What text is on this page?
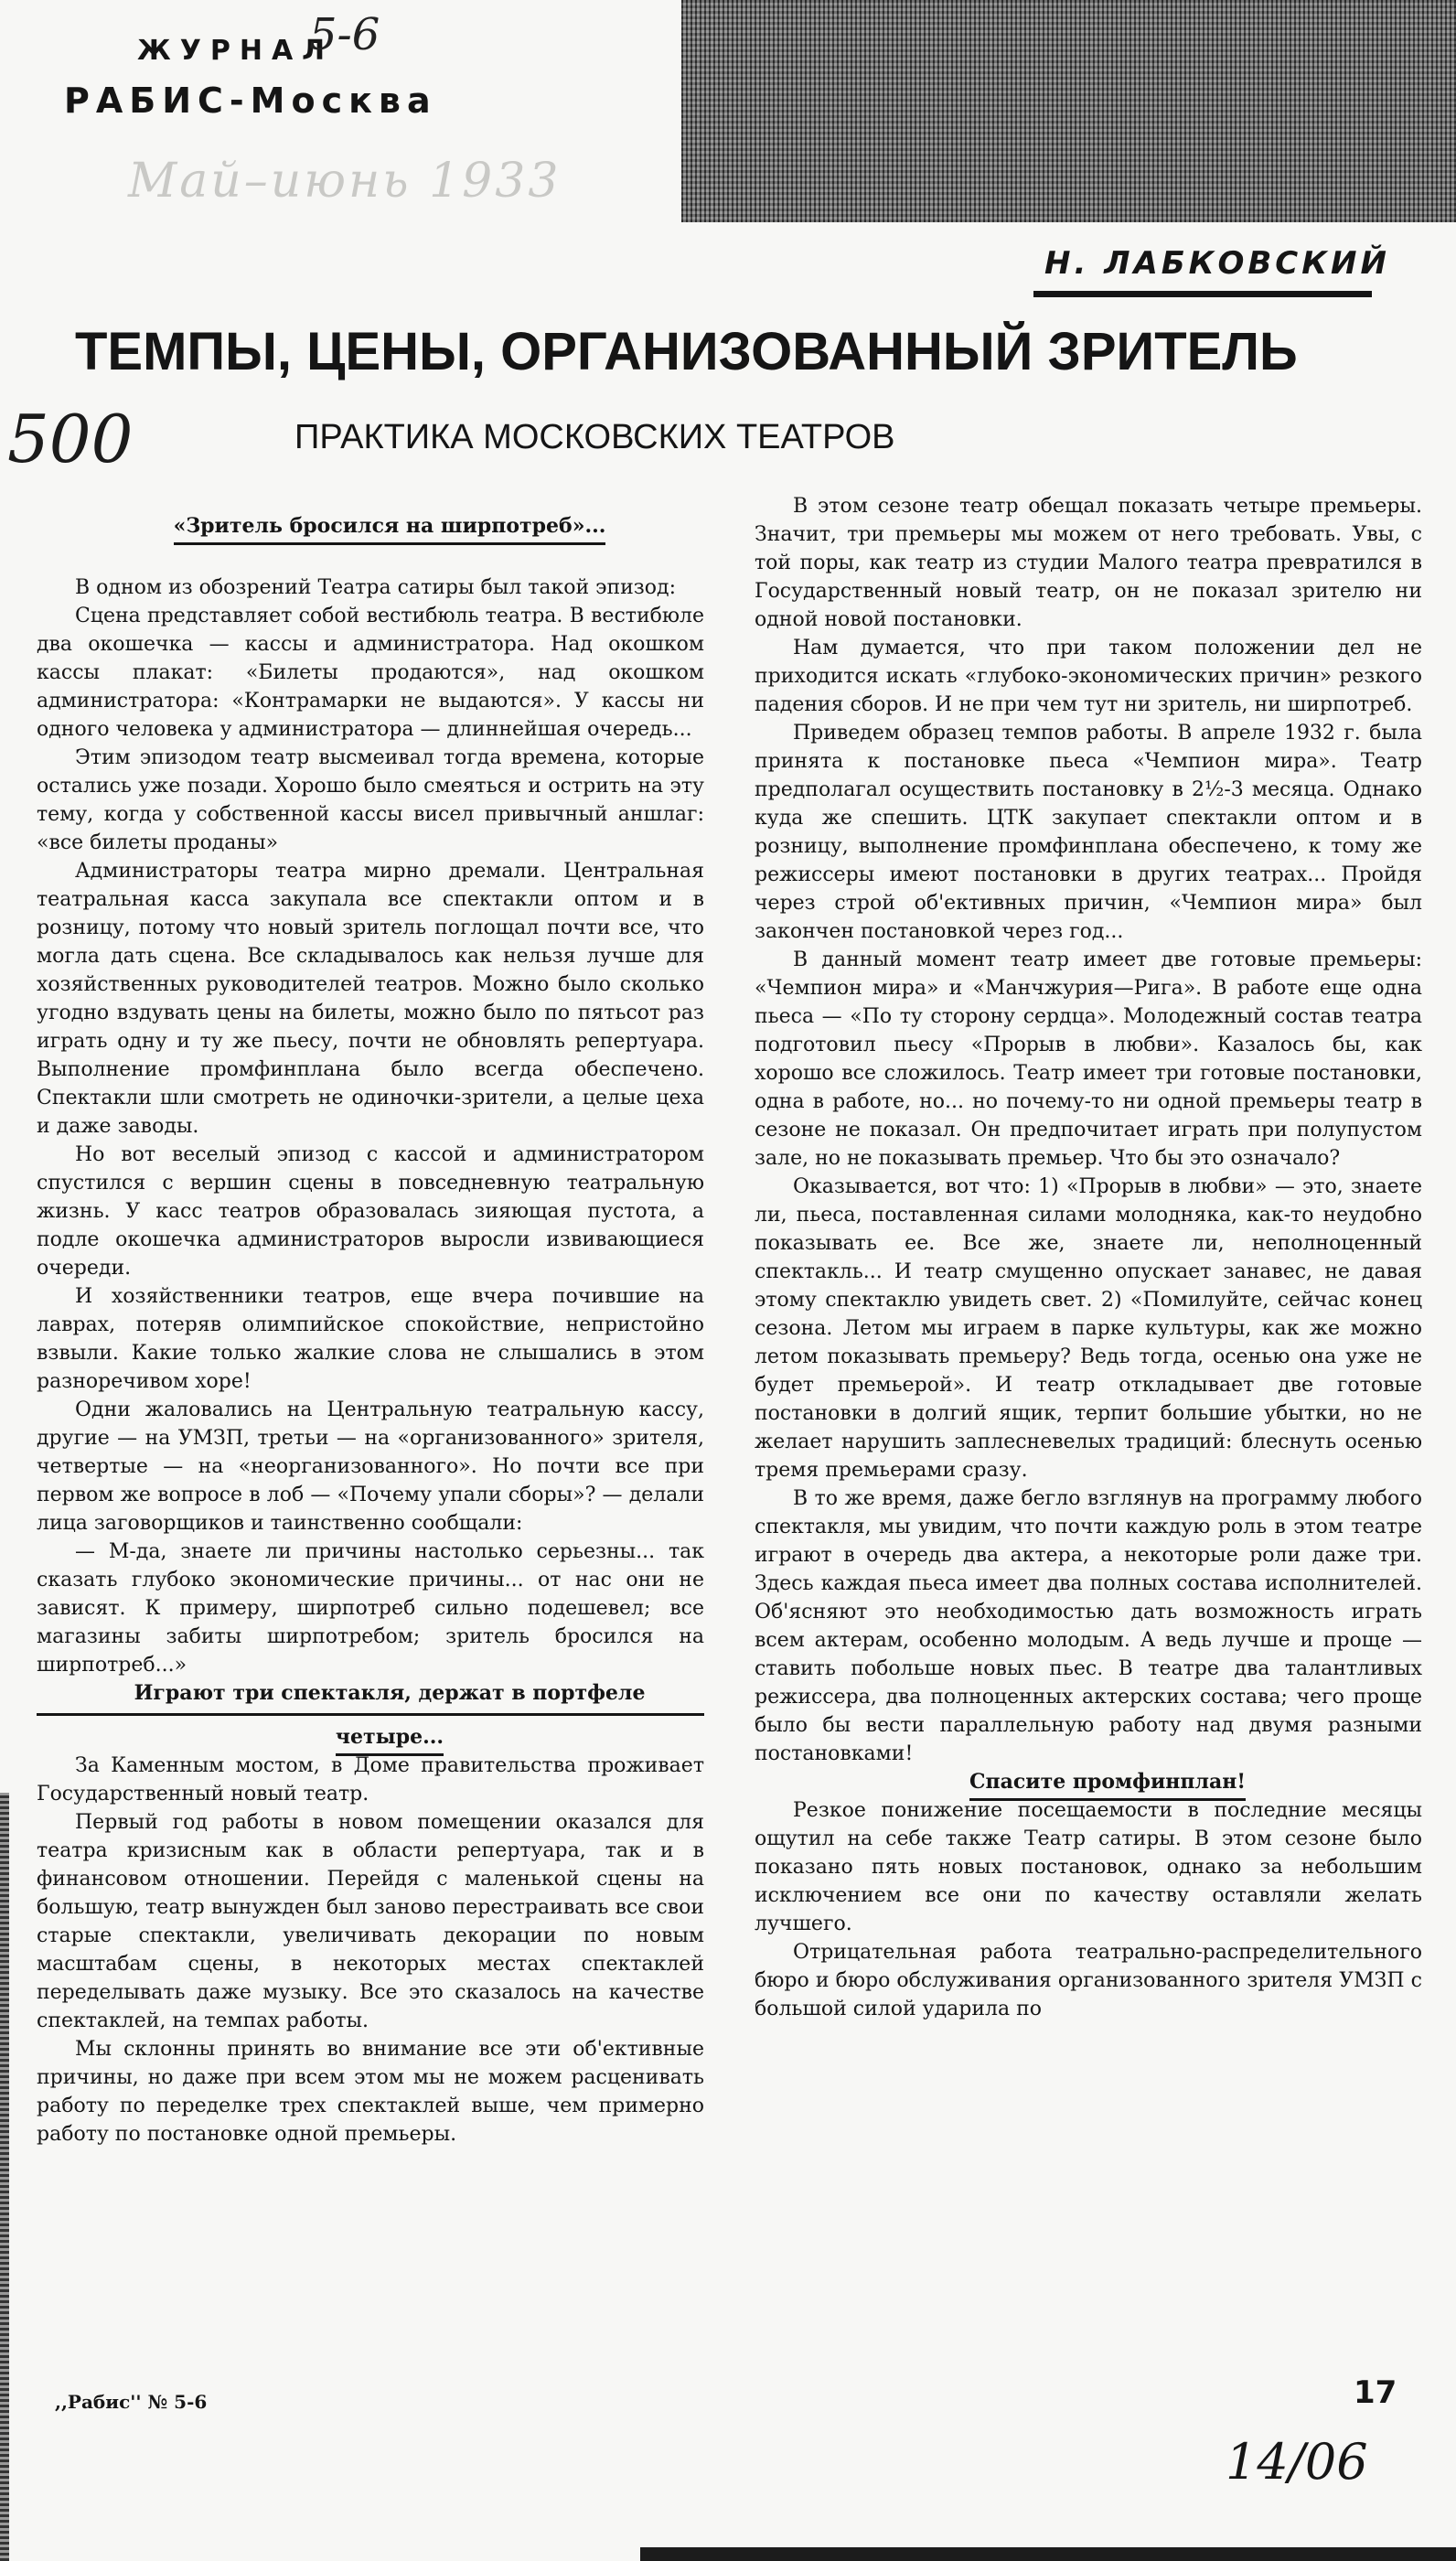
ЖУРНАЛ
5-6
РАБИС-Москва
Май–июнь 1933
Н. ЛАБКОВСКИЙ
ТЕМПЫ, ЦЕНЫ, ОРГАНИЗОВАННЫЙ ЗРИТЕЛЬ
500	ПРАКТИКА МОСКОВСКИХ ТЕАТРОВ

«Зритель бросился на ширпотреб»...

В одном из обозрений Театра сатиры был такой эпизод:

Сцена представляет собой вестибюль театра. В вестибюле два окошечка — кассы и администратора. Над окошком кассы плакат: «Билеты продаются», над окошком администратора: «Контрамарки не выдаются». У кассы ни одного человека у администратора — длиннейшая очередь...

Этим эпизодом театр высмеивал тогда времена, которые остались уже позади. Хорошо было смеяться и острить на эту тему, когда у собственной кассы висел привычный аншлаг: «все билеты проданы»

Администраторы театра мирно дремали. Центральная театральная касса закупала все спектакли оптом и в розницу, потому что новый зритель поглощал почти все, что могла дать сцена. Все складывалось как нельзя лучше для хозяйственных руководителей театров. Можно было сколько угодно вздувать цены на билеты, можно было по пятьсот раз играть одну и ту же пьесу, почти не обновлять репертуара. Выполнение промфинплана было всегда обеспечено. Спектакли шли смотреть не одиночки-зрители, а целые цеха и даже заводы.

Но вот веселый эпизод с кассой и администратором спустился с вершин сцены в повседневную театральную жизнь. У касс театров образовалась зияющая пустота, а подле окошечка администраторов выросли извивающиеся очереди.

И хозяйственники театров, еще вчера почившие на лаврах, потеряв олимпийское спокойствие, непристойно взвыли. Какие только жалкие слова не слышались в этом разноречивом хоре!

Одни жаловались на Центральную театральную кассу, другие — на УМЗП, третьи — на «организованного» зрителя, четвертые — на «неорганизованного». Но почти все при первом же вопросе в лоб — «Почему упали сборы»? — делали лица заговорщиков и таинственно сообщали:

— М-да, знаете ли причины настолько серьезны... так сказать глубоко экономические причины... от нас они не зависят. К примеру, ширпотреб сильно подешевел; все магазины забиты ширпотребом; зритель бросился на ширпотреб...»

Играют три спектакля, держат в портфеле

четыре...

За Каменным мостом, в Доме правительства проживает Государственный новый театр.

Первый год работы в новом помещении оказался для театра кризисным как в области репертуара, так и в финансовом отношении. Перейдя с маленькой сцены на большую, театр вынужден был заново перестраивать все свои старые спектакли, увеличивать декорации по новым масштабам сцены, в некоторых местах спектаклей переделывать даже музыку. Все это сказалось на качестве спектаклей, на темпах работы.

Мы склонны принять во внимание все эти об'ективные причины, но даже при всем этом мы не можем расценивать работу по переделке трех спектаклей выше, чем примерно работу по постановке одной премьеры.

В этом сезоне театр обещал показать четыре премьеры. Значит, три премьеры мы можем от него требовать. Увы, с той поры, как театр из студии Малого театра превратился в Государственный новый театр, он не показал зрителю ни одной новой постановки.

Нам думается, что при таком положении дел не приходится искать «глубоко-экономических причин» резкого падения сборов. И не при чем тут ни зритель, ни ширпотреб.

Приведем образец темпов работы. В апреле 1932 г. была принята к постановке пьеса «Чемпион мира». Театр предполагал осуществить постановку в 2½-3 месяца. Однако куда же спешить. ЦТК закупает спектакли оптом и в розницу, выполнение промфинплана обеспечено, к тому же режиссеры имеют постановки в других театрах... Пройдя через строй об'ективных причин, «Чемпион мира» был закончен постановкой через год...

В данный момент театр имеет две готовые премьеры: «Чемпион мира» и «Манчжурия—Рига». В работе еще одна пьеса — «По ту сторону сердца». Молодежный состав театра подготовил пьесу «Прорыв в любви». Казалось бы, как хорошо все сложилось. Театр имеет три готовые постановки, одна в работе, но... но почему-то ни одной премьеры театр в сезоне не показал. Он предпочитает играть при полупустом зале, но не показывать премьер. Что бы это означало?

Оказывается, вот что: 1) «Прорыв в любви» — это, знаете ли, пьеса, поставленная силами молодняка, как-то неудобно показывать ее. Все же, знаете ли, неполноценный спектакль... И театр смущенно опускает занавес, не давая этому спектаклю увидеть свет. 2) «Помилуйте, сейчас конец сезона. Летом мы играем в парке культуры, как же можно летом показывать премьеру? Ведь тогда, осенью она уже не будет премьерой». И театр откладывает две готовые постановки в долгий ящик, терпит большие убытки, но не желает нарушить заплесневелых традиций: блеснуть осенью тремя премьерами сразу.

В то же время, даже бегло взглянув на программу любого спектакля, мы увидим, что почти каждую роль в этом театре играют в очередь два актера, а некоторые роли даже три. Здесь каждая пьеса имеет два полных состава исполнителей. Об'ясняют это необходимостью дать возможность играть всем актерам, особенно молодым. А ведь лучше и проще — ставить побольше новых пьес. В театре два талантливых режиссера, два полноценных актерских состава; чего проще было бы вести параллельную работу над двумя разными постановками!

Спасите промфинплан!

Резкое понижение посещаемости в последние месяцы ощутил на себе также Театр сатиры. В этом сезоне было показано пять новых постановок, однако за небольшим исключением все они по качеству оставляли желать лучшего.

Отрицательная работа театрально-распределительного бюро и бюро обслуживания организованного зрителя УМЗП с большой силой ударила по

,,Рабис'' № 5-6	17
14/06
